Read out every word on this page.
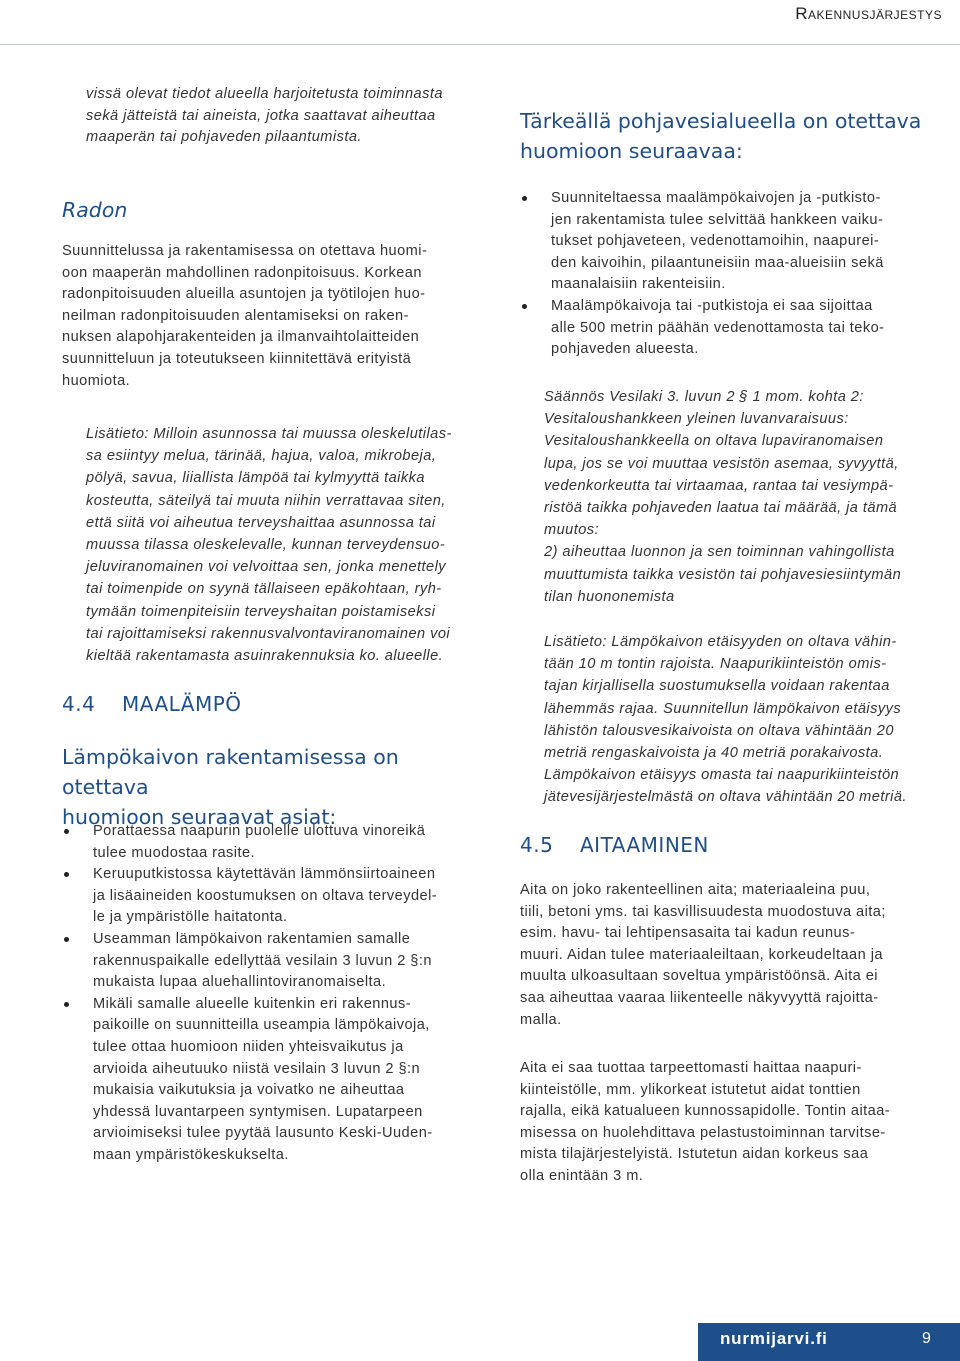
Rakennusjärjestys
vissä olevat tiedot alueella harjoitetusta toiminnasta
sekä jätteistä tai aineista, jotka saattavat aiheuttaa
maaperän tai pohjaveden pilaantumista.
Radon
Suunnittelussa ja rakentamisessa on otettava huomi-
oon maaperän mahdollinen radonpitoisuus. Korkean
radonpitoisuuden alueilla asuntojen ja työtilojen huo-
neilman radonpitoisuuden alentamiseksi on raken-
nuksen alapohjarakenteiden ja ilmanvaihtolaitteiden
suunnitteluun ja toteutukseen kiinnitettävä erityistä
huomiota.
Lisätieto: Milloin asunnossa tai muussa oleskelutilas-
sa esiintyy melua, tärinää, hajua, valoa, mikrobeja,
pölyä, savua, liiallista lämpöä tai kylmyyttä taikka
kosteutta, säteilyä tai muuta niihin verrattavaa siten,
että siitä voi aiheutua terveyshaittaa asunnossa tai
muussa tilassa oleskelevalle, kunnan terveydensuo-
jeluviranomainen voi velvoittaa sen, jonka menettely
tai toimenpide on syynä tällaiseen epäkohtaan, ryh-
tymään toimenpiteisiin terveyshaitan poistamiseksi
tai rajoittamiseksi rakennusvalvontaviranomainen voi
kieltää rakentamasta asuinrakennuksia ko. alueelle.
4.4 MAALÄMPÖ
Lämpökaivon rakentamisessa on otettava
huomioon seuraavat asiat:
Porattaessa naapurin puolelle ulottuva vinoreikä
tulee muodostaa rasite.
Keruuputkistossa käytettävän lämmönsiirtoaineen
ja lisäaineiden koostumuksen on oltava terveydel-
le ja ympäristölle haitatonta.
Useamman lämpökaivon rakentamien samalle
rakennuspaikalle edellyttää vesilain 3 luvun 2 §:n
mukaista lupaa aluehallintoviranomaiselta.
Mikäli samalle alueelle kuitenkin eri rakennus-
paikoille on suunnitteilla useampia lämpökaivoja,
tulee ottaa huomioon niiden yhteisvaikutus ja
arvioida aiheutuuko niistä vesilain 3 luvun 2 §:n
mukaisia vaikutuksia ja voivatko ne aiheuttaa
yhdessä luvantarpeen syntymisen. Lupatarpeen
arvioimiseksi tulee pyytää lausunto Keski-Uuden-
maan ympäristökeskukselta.
Tärkeällä pohjavesialueella on otettava
huomioon seuraavaa:
Suunniteltaessa maalämpökaivojen ja -putkisto-
jen rakentamista tulee selvittää hankkeen vaiku-
tukset pohjaveteen, vedenottamoihin, naapurei-
den kaivoihin, pilaantuneisiin maa-alueisiin sekä
maanalaisiin rakenteisiin.
Maalämpökaivoja tai -putkistoja ei saa sijoittaa
alle 500 metrin päähän vedenottamosta tai teko-
pohjaveden alueesta.
Säännös Vesilaki 3. luvun 2 § 1 mom. kohta 2:
Vesitaloushankkeen yleinen luvanvaraisuus:
Vesitaloushankkeella on oltava lupaviranomaisen
lupa, jos se voi muuttaa vesistön asemaa, syvyyttä,
vedenkorkeutta tai virtaamaa, rantaa tai vesiympä-
ristöä taikka pohjaveden laatua tai määrää, ja tämä
muutos:
2) aiheuttaa luonnon ja sen toiminnan vahingollista
muuttumista taikka vesistön tai pohjavesiesiintymän
tilan huononemista
Lisätieto: Lämpökaivon etäisyyden on oltava vähin-
tään 10 m tontin rajoista. Naapurikiinteistön omis-
tajan kirjallisella suostumuksella voidaan rakentaa
lähemmäs rajaa. Suunnitellun lämpökaivon etäisyys
lähistön talousvesikaivoista on oltava vähintään 20
metriä rengaskaivoista ja 40 metriä porakaivosta.
Lämpökaivon etäisyys omasta tai naapurikiinteistön
jätevesijärjestelmästä on oltava vähintään 20 metriä.
4.5 AITAAMINEN
Aita on joko rakenteellinen aita; materiaaleina puu,
tiili, betoni yms. tai kasvillisuudesta muodostuva aita;
esim. havu- tai lehtipensasaita tai kadun reunus-
muuri. Aidan tulee materiaaleiltaan, korkeudeltaan ja
muulta ulkoasultaan soveltua ympäristöönsä. Aita ei
saa aiheuttaa vaaraa liikenteelle näkyvyyttä rajoitta-
malla.
Aita ei saa tuottaa tarpeettomasti haittaa naapuri-
kiinteistölle, mm. ylikorkeat istutetut aidat tonttien
rajalla, eikä katualueen kunnossapidolle. Tontin aitaa-
misessa on huolehdittava pelastustoiminnan tarvitse-
mista tilajärjestelyistä. Istutetun aidan korkeus saa
olla enintään 3 m.
nurmijarvi.fi	9
